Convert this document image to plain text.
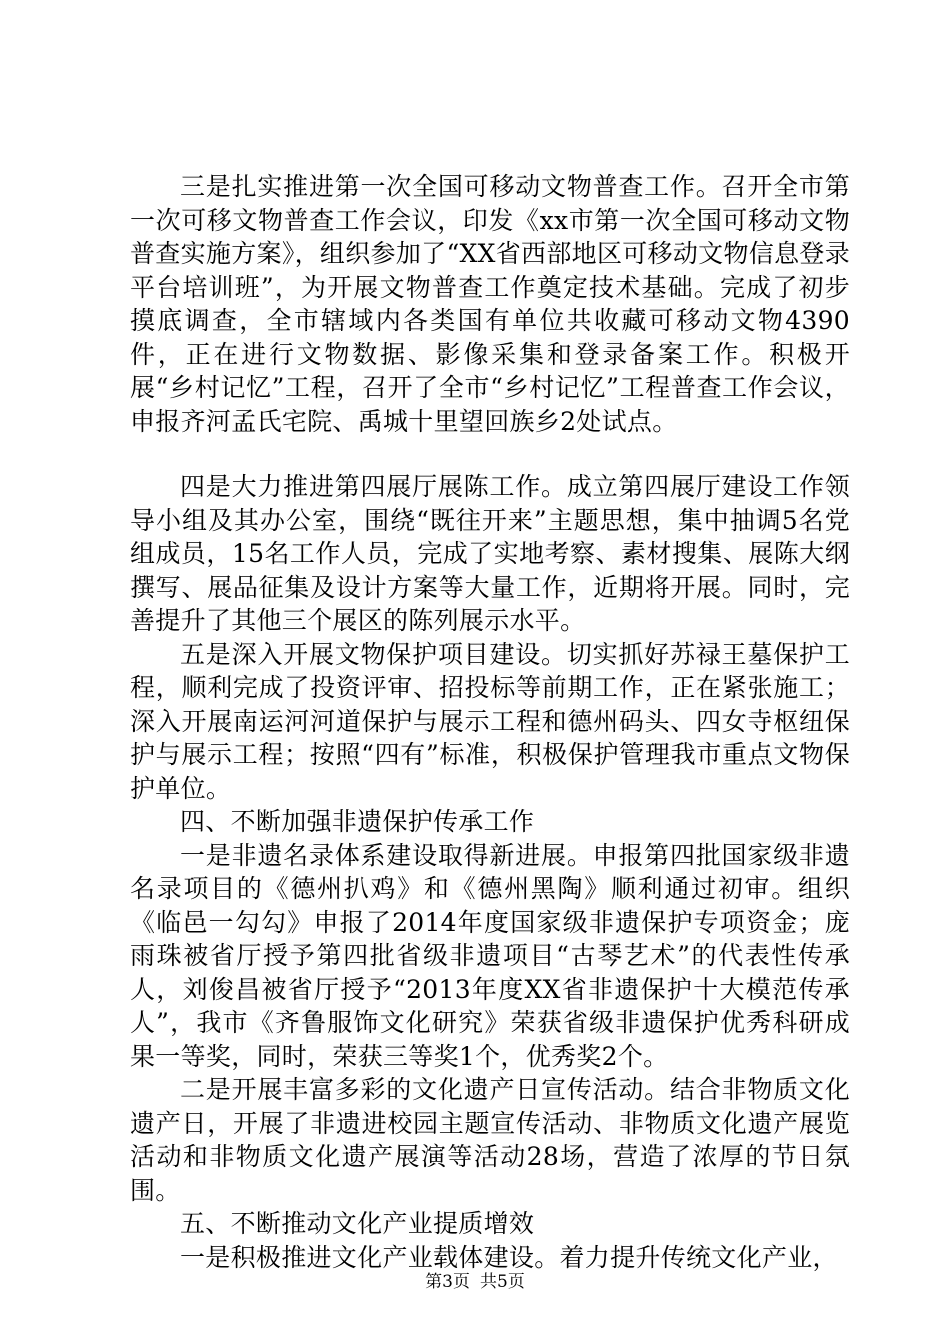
三是扎实推进第一次全国可移动文物普查工作。召开全市第一次可移文物普查工作会议，印发《xx市第一次全国可移动文物普查实施方案》，组织参加了“XX省西部地区可移动文物信息登录平台培训班”，为开展文物普查工作奠定技术基础。完成了初步摸底调查，全市辖域内各类国有单位共收藏可移动文物4390件，正在进行文物数据、影像采集和登录备案工作。积极开展“乡村记忆”工程，召开了全市“乡村记忆”工程普查工作会议，申报齐河孟氏宅院、禹城十里望回族乡2处试点。

四是大力推进第四展厅展陈工作。成立第四展厅建设工作领导小组及其办公室，围绕“既往开来”主题思想，集中抽调5名党组成员，15名工作人员，完成了实地考察、素材搜集、展陈大纲撰写、展品征集及设计方案等大量工作，近期将开展。同时，完善提升了其他三个展区的陈列展示水平。

五是深入开展文物保护项目建设。切实抓好苏禄王墓保护工程，顺利完成了投资评审、招投标等前期工作，正在紧张施工；深入开展南运河河道保护与展示工程和德州码头、四女寺枢纽保护与展示工程；按照“四有”标准，积极保护管理我市重点文物保护单位。

四、不断加强非遗保护传承工作

一是非遗名录体系建设取得新进展。申报第四批国家级非遗名录项目的《德州扒鸡》和《德州黑陶》顺利通过初审。组织《临邑一勾勾》申报了2014年度国家级非遗保护专项资金；庞雨珠被省厅授予第四批省级非遗项目“古琴艺术”的代表性传承人，刘俊昌被省厅授予“2013年度XX省非遗保护十大模范传承人”，我市《齐鲁服饰文化研究》荣获省级非遗保护优秀科研成果一等奖，同时，荣获三等奖1个，优秀奖2个。

二是开展丰富多彩的文化遗产日宣传活动。结合非物质文化遗产日，开展了非遗进校园主题宣传活动、非物质文化遗产展览活动和非物质文化遗产展演等活动28场，营造了浓厚的节日氛围。

五、不断推动文化产业提质增效

一是积极推进文化产业载体建设。着力提升传统文化产业，

第3页 共5页
